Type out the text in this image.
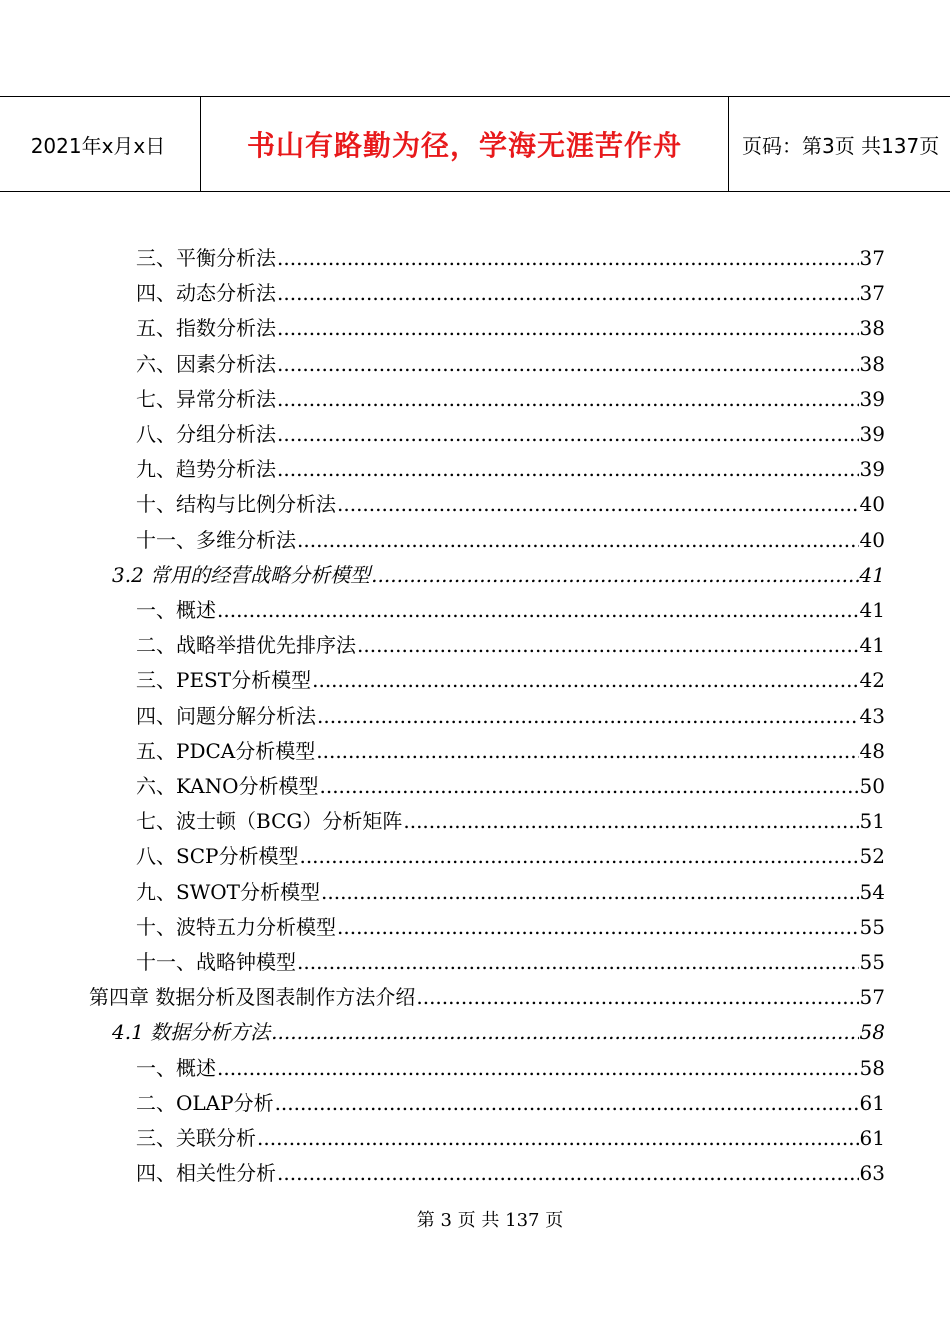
2021年x月x日	书山有路勤为径，学海无涯苦作舟	页码：第3页 共137页
三、平衡分析法 .....	37
四、动态分析法 .....	37
五、指数分析法 .....	38
六、因素分析法 .....	38
七、异常分析法 .....	39
八、分组分析法 .....	39
九、趋势分析法 .....	39
十、结构与比例分析法 .....	40
十一、多维分析法 .....	40
3.2 常用的经营战略分析模型 .....	41
一、概述 .....	41
二、战略举措优先排序法 .....	41
三、PEST分析模型 .....	42
四、问题分解分析法 .....	43
五、PDCA分析模型 .....	48
六、KANO分析模型 .....	50
七、波士顿（BCG）分析矩阵 .....	51
八、SCP分析模型 .....	52
九、SWOT分析模型 .....	54
十、波特五力分析模型 .....	55
十一、战略钟模型 .....	55
第四章 数据分析及图表制作方法介绍 .....	57
4.1 数据分析方法 .....	58
一、概述 .....	58
二、OLAP分析 .....	61
三、关联分析 .....	61
四、相关性分析 .....	63
第 3 页 共 137 页
